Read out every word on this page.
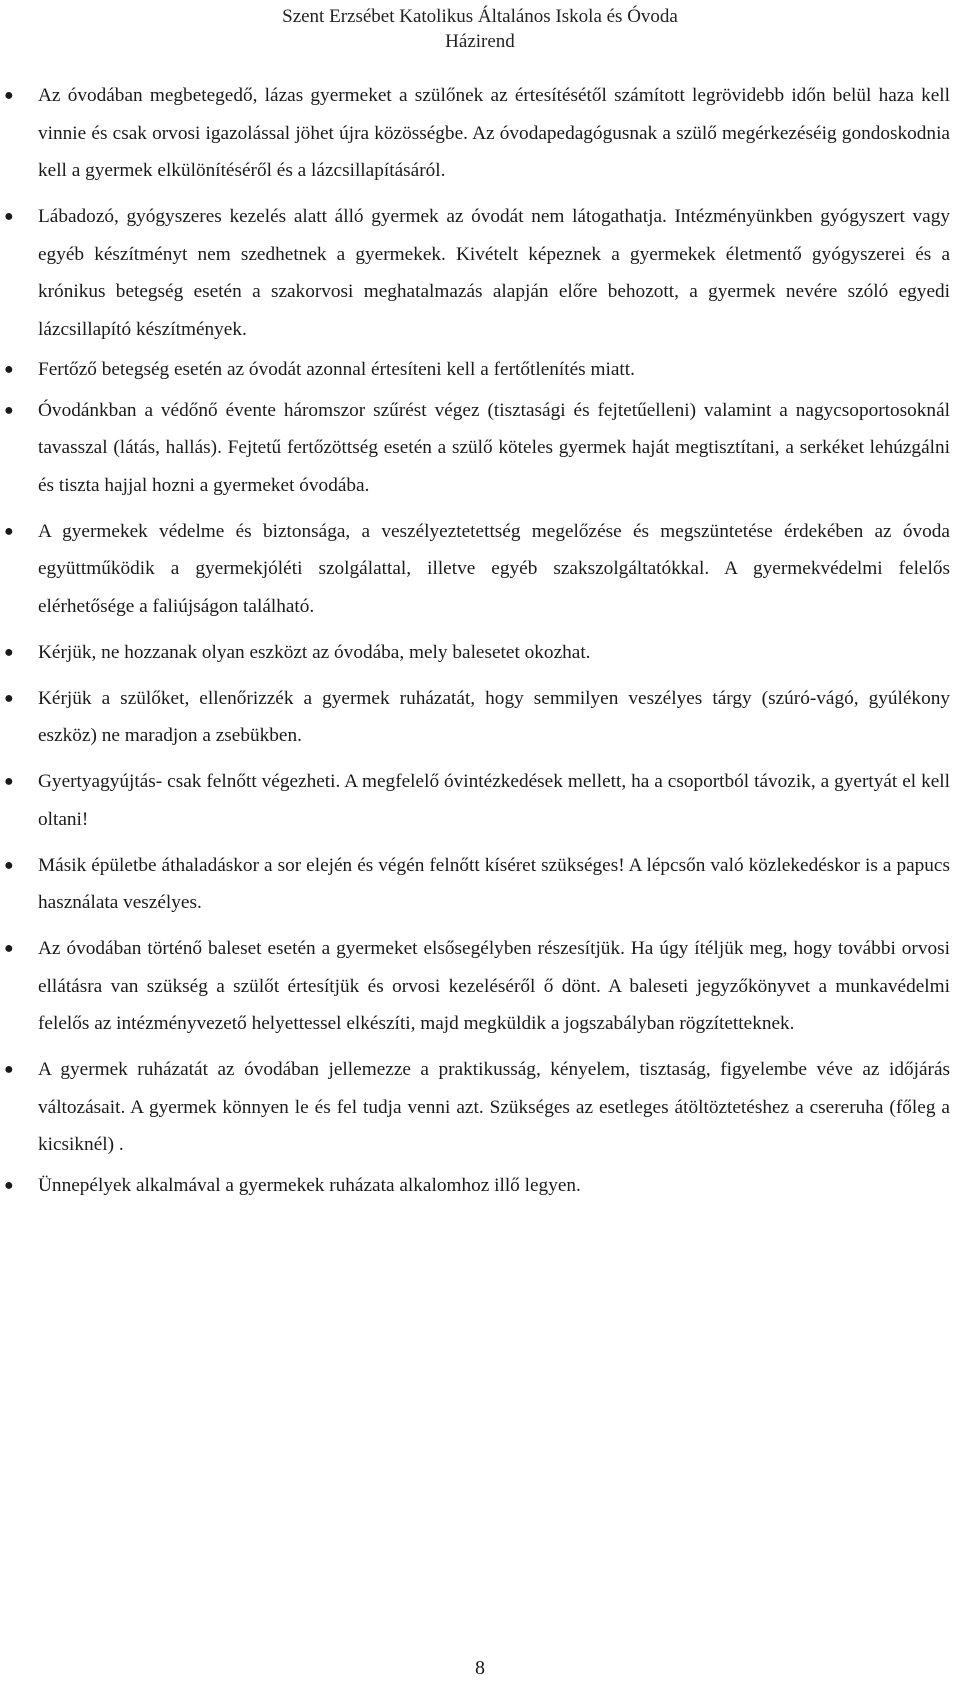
Szent Erzsébet Katolikus Általános Iskola és Óvoda
Házirend
● Az óvodában megbetegedő, lázas gyermeket a szülőnek az értesítésétől számított legrövidebb időn belül haza kell vinnie és csak orvosi igazolással jöhet újra közösségbe. Az óvodapedagógusnak a szülő megérkezéséig gondoskodnia kell a gyermek elkülönítéséről és a lázcsillapításáról.
● Lábadozó, gyógyszeres kezelés alatt álló gyermek az óvodát nem látogathatja. Intézményünkben gyógyszert vagy egyéb készítményt nem szedhetnek a gyermekek. Kivételt képeznek a gyermekek életmentő gyógyszerei és a krónikus betegség esetén a szakorvosi meghatalmazás alapján előre behozott, a gyermek nevére szóló egyedi lázcsillapító készítmények.
● Fertőző betegség esetén az óvodát azonnal értesíteni kell a fertőtlenítés miatt.
● Óvodánkban a védőnő évente háromszor szűrést végez (tisztasági és fejtetűelleni) valamint a nagycsoportosoknál tavasszal (látás, hallás). Fejtetű fertőzöttség esetén a szülő köteles gyermek haját megtisztítani, a serkéket lehúzgálni és tiszta hajjal hozni a gyermeket óvodába.
● A gyermekek védelme és biztonsága, a veszélyeztetettség megelőzése és megszüntetése érdekében az óvoda együttműködik a gyermekjóléti szolgálattal, illetve egyéb szakszolgáltatókkal. A gyermekvédelmi felelős elérhetősége a faliújságon található.
● Kérjük, ne hozzanak olyan eszközt az óvodába, mely balesetet okozhat.
● Kérjük a szülőket, ellenőrizzék a gyermek ruházatát, hogy semmilyen veszélyes tárgy (szúró-vágó, gyúlékony eszköz) ne maradjon a zsebükben.
● Gyertyagyújtás- csak felnőtt végezheti. A megfelelő óvintézkedések mellett, ha a csoportból távozik, a gyertyát el kell oltani!
● Másik épületbe áthaladáskor a sor elején és végén felnőtt kíséret szükséges! A lépcsőn való közlekedéskor is a papucs használata veszélyes.
● Az óvodában történő baleset esetén a gyermeket elsősegélyben részesítjük. Ha úgy ítéljük meg, hogy további orvosi ellátásra van szükség a szülőt értesítjük és orvosi kezeléséről ő dönt. A baleseti jegyzőkönyvet a munkavédelmi felelős az intézményvezető helyettessel elkészíti, majd megküldik a jogszabályban rögzítetteknek.
● A gyermek ruházatát az óvodában jellemezze a praktikusság, kényelem, tisztaság, figyelembe véve az időjárás változásait. A gyermek könnyen le és fel tudja venni azt. Szükséges az esetleges átöltöztetéshez a csereruha (főleg a kicsiknél) .
● Ünnepélyek alkalmával a gyermekek ruházata alkalomhoz illő legyen.
8
